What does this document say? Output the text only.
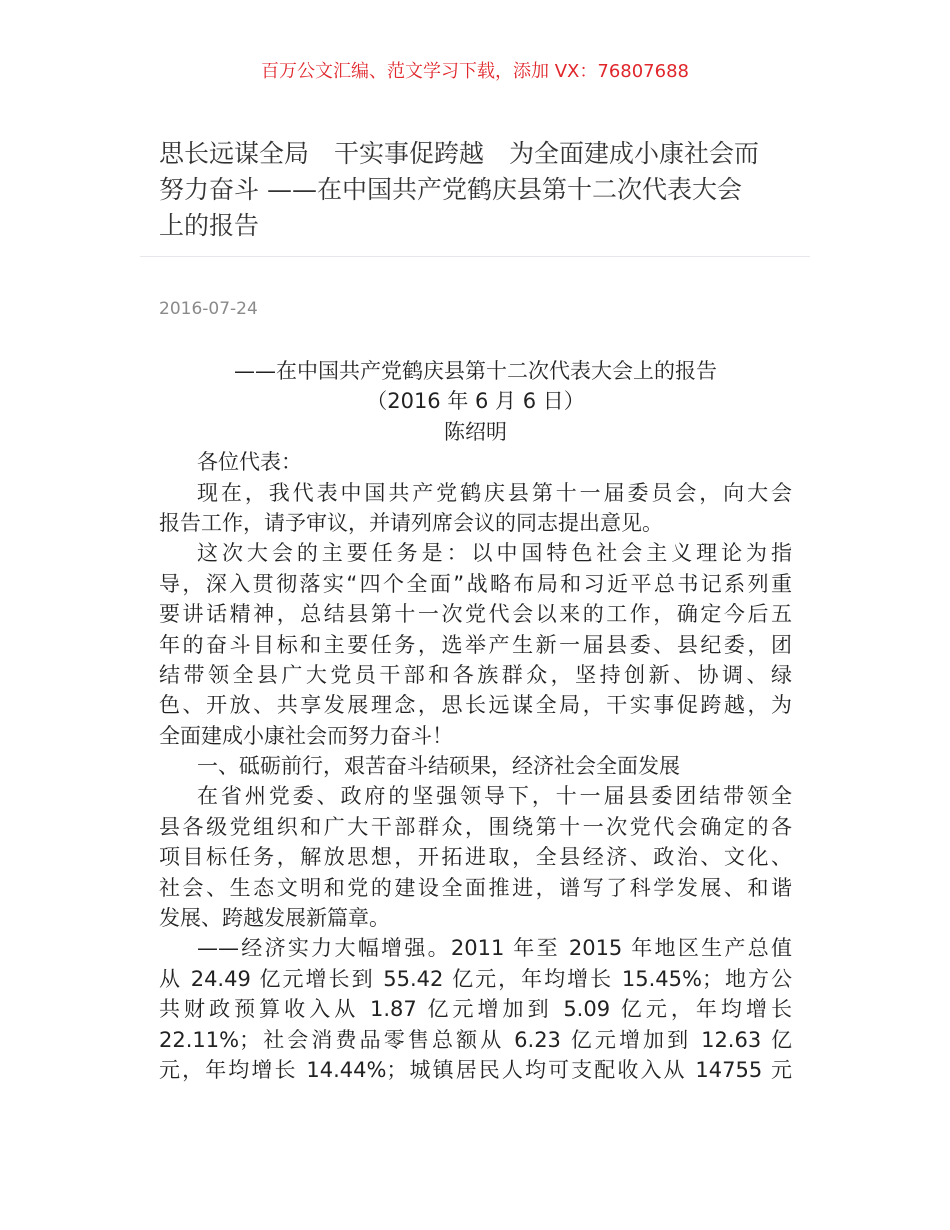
百万公文汇编、范文学习下载，添加 VX：76807688
思长远谋全局　干实事促跨越　为全面建成小康社会而
努力奋斗 ——在中国共产党鹤庆县第十二次代表大会
上的报告
2016-07-24
——在中国共产党鹤庆县第十二次代表大会上的报告
（2016 年 6 月 6 日）
陈绍明
各位代表：
现在，我代表中国共产党鹤庆县第十一届委员会，向大会
报告工作，请予审议，并请列席会议的同志提出意见。
这次大会的主要任务是：以中国特色社会主义理论为指
导，深入贯彻落实“四个全面”战略布局和习近平总书记系列重
要讲话精神，总结县第十一次党代会以来的工作，确定今后五
年的奋斗目标和主要任务，选举产生新一届县委、县纪委，团
结带领全县广大党员干部和各族群众，坚持创新、协调、绿
色、开放、共享发展理念，思长远谋全局，干实事促跨越，为
全面建成小康社会而努力奋斗！
一、砥砺前行，艰苦奋斗结硕果，经济社会全面发展
在省州党委、政府的坚强领导下，十一届县委团结带领全
县各级党组织和广大干部群众，围绕第十一次党代会确定的各
项目标任务，解放思想，开拓进取，全县经济、政治、文化、
社会、生态文明和党的建设全面推进，谱写了科学发展、和谐
发展、跨越发展新篇章。
——经济实力大幅增强。2011 年至 2015 年地区生产总值
从 24.49 亿元增长到 55.42 亿元，年均增长 15.45%；地方公
共财政预算收入从 1.87 亿元增加到 5.09 亿元，年均增长
22.11%；社会消费品零售总额从 6.23 亿元增加到 12.63 亿
元，年均增长 14.44%；城镇居民人均可支配收入从 14755 元
